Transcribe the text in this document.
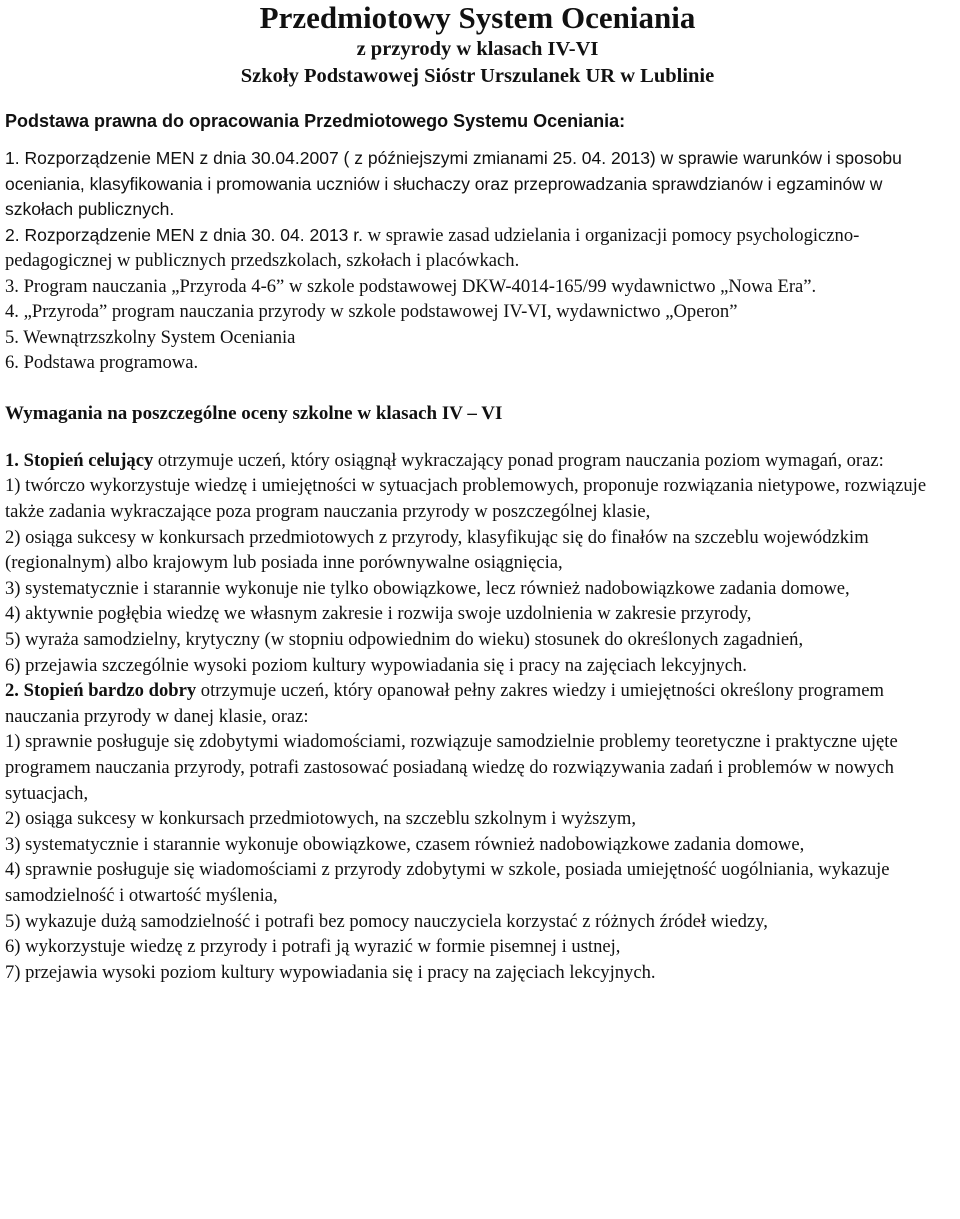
Przedmiotowy System Oceniania

z przyrody w klasach IV-VI

Szkoły Podstawowej Sióstr Urszulanek UR w Lublinie

Podstawa prawna do opracowania Przedmiotowego Systemu Oceniania:

1. Rozporządzenie MEN z dnia 30.04.2007 ( z późniejszymi zmianami 25. 04. 2013) w sprawie warunków i sposobu oceniania, klasyfikowania i promowania uczniów i słuchaczy oraz przeprowadzania sprawdzianów i egzaminów w szkołach publicznych.

2. Rozporządzenie MEN z dnia 30. 04. 2013 r. w sprawie zasad udzielania i organizacji pomocy psychologiczno-pedagogicznej w publicznych przedszkolach, szkołach i placówkach.

3. Program nauczania „Przyroda 4-6” w szkole podstawowej DKW-4014-165/99 wydawnictwo „Nowa Era”.

4. „Przyroda” program nauczania przyrody w szkole podstawowej IV-VI, wydawnictwo „Operon”

5. Wewnątrzszkolny System Oceniania

6. Podstawa programowa.

Wymagania na poszczególne oceny szkolne w klasach IV – VI

1. Stopień celujący otrzymuje uczeń, który osiągnął wykraczający ponad program nauczania poziom wymagań, oraz:

1) twórczo wykorzystuje wiedzę i umiejętności w sytuacjach problemowych, proponuje rozwiązania nietypowe, rozwiązuje także zadania wykraczające poza program nauczania przyrody w poszczególnej klasie,

2) osiąga sukcesy w konkursach przedmiotowych z przyrody, klasyfikując się do finałów na szczeblu wojewódzkim (regionalnym) albo krajowym lub posiada inne porównywalne osiągnięcia,

3) systematycznie i starannie wykonuje nie tylko obowiązkowe, lecz również nadobowiązkowe zadania domowe,

4) aktywnie pogłębia wiedzę we własnym zakresie i rozwija swoje uzdolnienia w zakresie przyrody,

5) wyraża samodzielny, krytyczny (w stopniu odpowiednim do wieku) stosunek do określonych zagadnień,

6) przejawia szczególnie wysoki poziom kultury wypowiadania się i pracy na zajęciach lekcyjnych.

2. Stopień bardzo dobry otrzymuje uczeń, który opanował pełny zakres wiedzy i umiejętności określony programem nauczania przyrody w danej klasie, oraz:

1) sprawnie posługuje się zdobytymi wiadomościami, rozwiązuje samodzielnie problemy teoretyczne i praktyczne ujęte programem nauczania przyrody, potrafi zastosować posiadaną wiedzę do rozwiązywania zadań i problemów w nowych sytuacjach,

2) osiąga sukcesy w konkursach przedmiotowych, na szczeblu szkolnym i wyższym,

3) systematycznie i starannie wykonuje obowiązkowe, czasem również nadobowiązkowe zadania domowe,

4) sprawnie posługuje się wiadomościami z przyrody zdobytymi w szkole, posiada umiejętność uogólniania, wykazuje samodzielność i otwartość myślenia,

5) wykazuje dużą samodzielność i potrafi bez pomocy nauczyciela korzystać z różnych źródeł wiedzy,

6) wykorzystuje wiedzę z przyrody i potrafi ją wyrazić w formie pisemnej i ustnej,

7) przejawia wysoki poziom kultury wypowiadania się i pracy na zajęciach lekcyjnych.
